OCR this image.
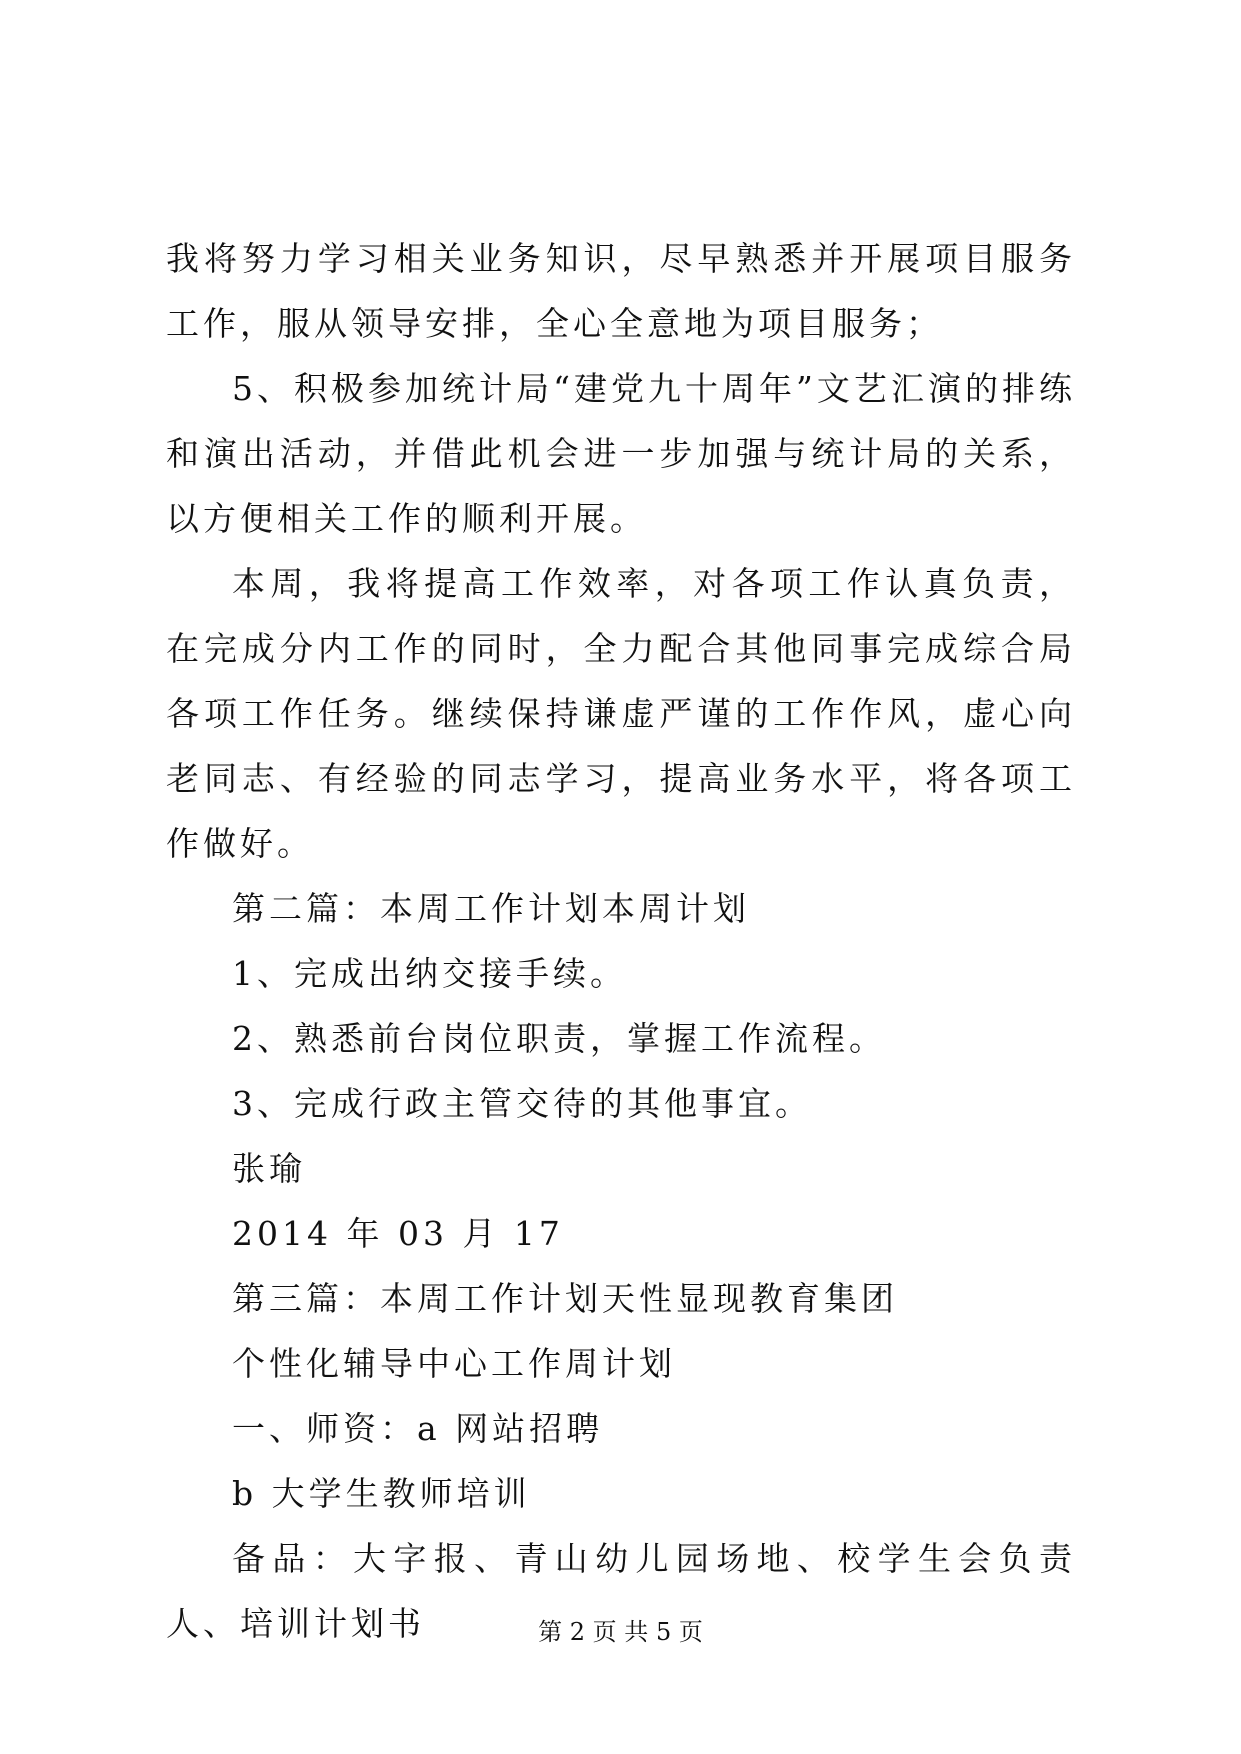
我将努力学习相关业务知识，尽早熟悉并开展项目服务工作，服从领导安排，全心全意地为项目服务；

5、积极参加统计局“建党九十周年”文艺汇演的排练和演出活动，并借此机会进一步加强与统计局的关系，以方便相关工作的顺利开展。

本周，我将提高工作效率，对各项工作认真负责，在完成分内工作的同时，全力配合其他同事完成综合局各项工作任务。继续保持谦虚严谨的工作作风，虚心向老同志、有经验的同志学习，提高业务水平，将各项工作做好。

第二篇：本周工作计划本周计划

1、完成出纳交接手续。

2、熟悉前台岗位职责，掌握工作流程。

3、完成行政主管交待的其他事宜。

张瑜

2014 年 03 月 17

第三篇：本周工作计划天性显现教育集团

个性化辅导中心工作周计划

一、师资：a 网站招聘

b 大学生教师培训

备品：大字报、青山幼儿园场地、校学生会负责人、培训计划书	第 2 页 共 5 页
